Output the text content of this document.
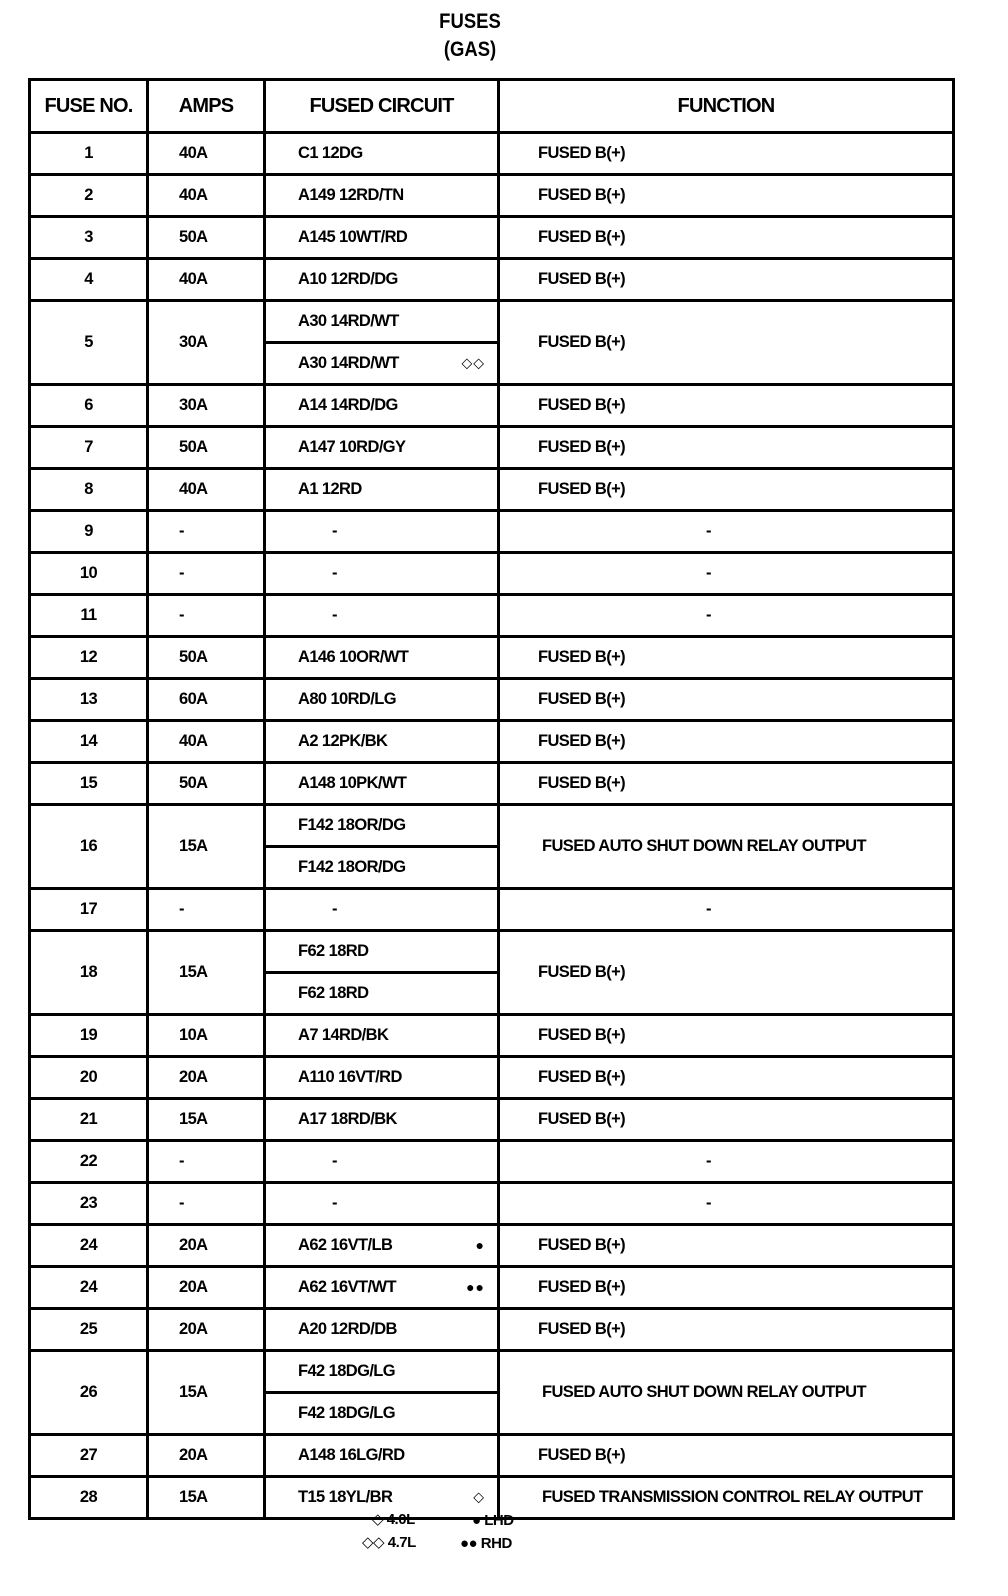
FUSES
(GAS)
FUSE NO.	AMPS	FUSED CIRCUIT	FUNCTION
1	40A	C1 12DG	FUSED B(+)
2	40A	A149 12RD/TN	FUSED B(+)
3	50A	A145 10WT/RD	FUSED B(+)
4	40A	A10 12RD/DG	FUSED B(+)
5	30A	A30 14RD/WT	FUSED B(+)
		A30 14RD/WT ◇◇	

6	30A	A14 14RD/DG	FUSED B(+)
7	50A	A147 10RD/GY	FUSED B(+)
8	40A	A1 12RD	FUSED B(+)
9	-	-	-
10	-	-	-
11	-	-	-
12	50A	A146 10OR/WT	FUSED B(+)
13	60A	A80 10RD/LG	FUSED B(+)
14	40A	A2 12PK/BK	FUSED B(+)
15	50A	A148 10PK/WT	FUSED B(+)
16	15A	F142 18OR/DG	FUSED AUTO SHUT DOWN RELAY OUTPUT
		F142 18OR/DG	
17	-	-	-
18	15A	F62 18RD	FUSED B(+)
		F62 18RD	
19	10A	A7 14RD/BK	FUSED B(+)
20	20A	A110 16VT/RD	FUSED B(+)
21	15A	A17 18RD/BK	FUSED B(+)
22	-	-	-
23	-	-	-
24	20A	A62 16VT/LB ●	FUSED B(+)
24	20A	A62 16VT/WT ●●	FUSED B(+)
25	20A	A20 12RD/DB	FUSED B(+)
26	15A	F42 18DG/LG	FUSED AUTO SHUT DOWN RELAY OUTPUT
		F42 18DG/LG	
27	20A	A148 16LG/RD	FUSED B(+)
28	15A	T15 18YL/BR ◇	FUSED TRANSMISSION CONTROL RELAY OUTPUT
◇ 4.0L
◇◇ 4.7L
● LHD
●● RHD
